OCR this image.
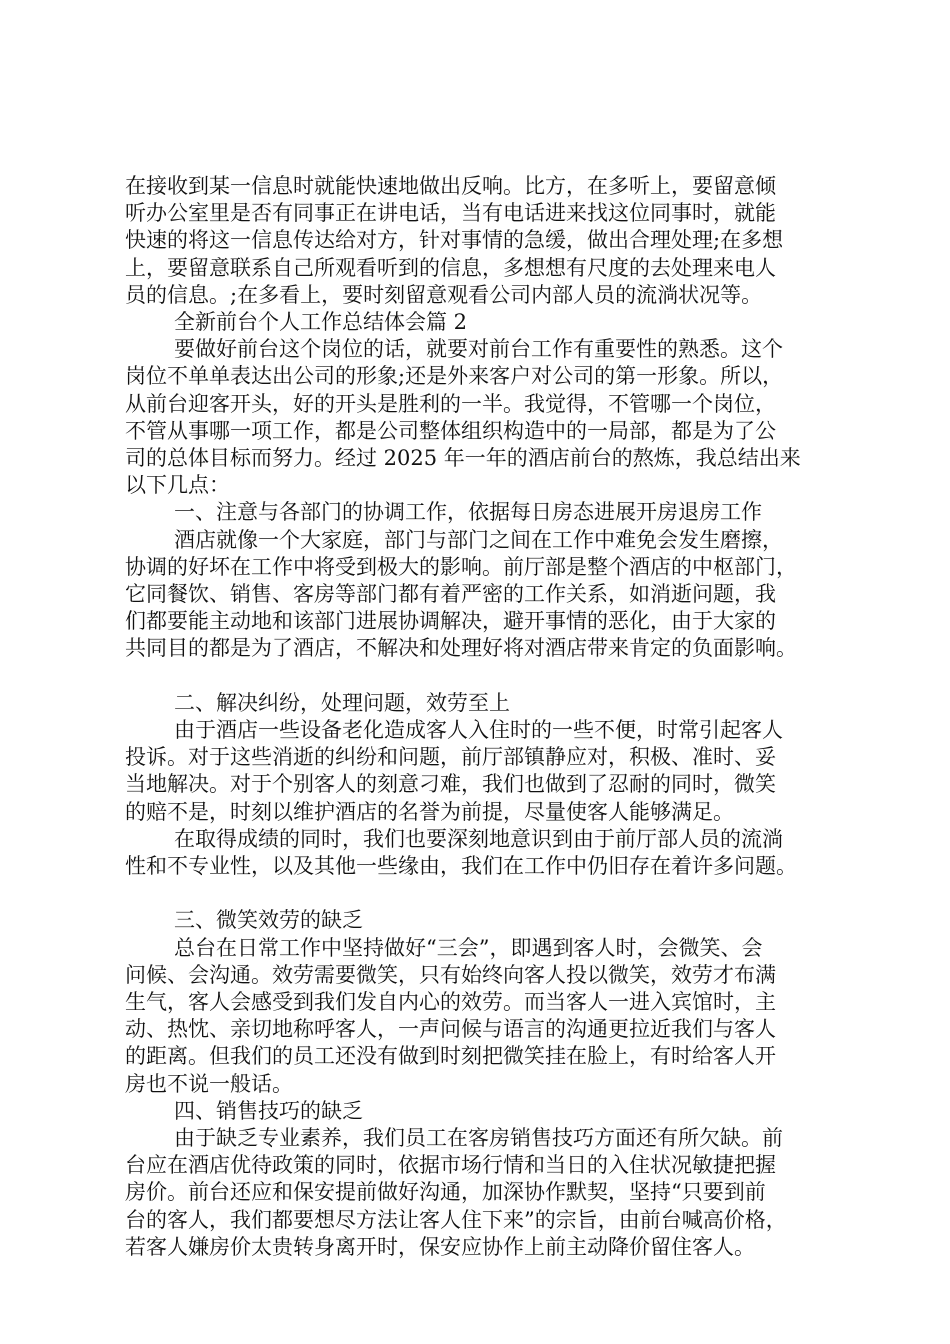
在接收到某一信息时就能快速地做出反响。比方，在多听上，要留意倾

听办公室里是否有同事正在讲电话，当有电话进来找这位同事时，就能

快速的将这一信息传达给对方，针对事情的急缓，做出合理处理;在多想

上，要留意联系自己所观看听到的信息，多想想有尺度的去处理来电人

员的信息。;在多看上，要时刻留意观看公司内部人员的流淌状况等。

全新前台个人工作总结体会篇 2

要做好前台这个岗位的话，就要对前台工作有重要性的熟悉。这个

岗位不单单表达出公司的形象;还是外来客户对公司的第一形象。所以，

从前台迎客开头，好的开头是胜利的一半。我觉得，不管哪一个岗位，

不管从事哪一项工作，都是公司整体组织构造中的一局部，都是为了公

司的总体目标而努力。经过 2025 年一年的酒店前台的熬炼，我总结出来

以下几点：

一、注意与各部门的协调工作，依据每日房态进展开房退房工作

酒店就像一个大家庭，部门与部门之间在工作中难免会发生磨擦，

协调的好坏在工作中将受到极大的影响。前厅部是整个酒店的中枢部门，

它同餐饮、销售、客房等部门都有着严密的工作关系，如消逝问题，我

们都要能主动地和该部门进展协调解决，避开事情的恶化，由于大家的

共同目的都是为了酒店，不解决和处理好将对酒店带来肯定的负面影响。

二、解决纠纷，处理问题，效劳至上

由于酒店一些设备老化造成客人入住时的一些不便，时常引起客人

投诉。对于这些消逝的纠纷和问题，前厅部镇静应对，积极、准时、妥

当地解决。对于个别客人的刻意刁难，我们也做到了忍耐的同时，微笑

的赔不是，时刻以维护酒店的名誉为前提，尽量使客人能够满足。

在取得成绩的同时，我们也要深刻地意识到由于前厅部人员的流淌

性和不专业性，以及其他一些缘由，我们在工作中仍旧存在着许多问题。

三、微笑效劳的缺乏

总台在日常工作中坚持做好“三会”，即遇到客人时，会微笑、会

问候、会沟通。效劳需要微笑，只有始终向客人投以微笑，效劳才布满

生气，客人会感受到我们发自内心的效劳。而当客人一进入宾馆时，主

动、热忱、亲切地称呼客人，一声问候与语言的沟通更拉近我们与客人

的距离。但我们的员工还没有做到时刻把微笑挂在脸上，有时给客人开

房也不说一般话。

四、销售技巧的缺乏

由于缺乏专业素养，我们员工在客房销售技巧方面还有所欠缺。前

台应在酒店优待政策的同时，依据市场行情和当日的入住状况敏捷把握

房价。前台还应和保安提前做好沟通，加深协作默契，坚持“只要到前

台的客人，我们都要想尽方法让客人住下来”的宗旨，由前台喊高价格，

若客人嫌房价太贵转身离开时，保安应协作上前主动降价留住客人。
